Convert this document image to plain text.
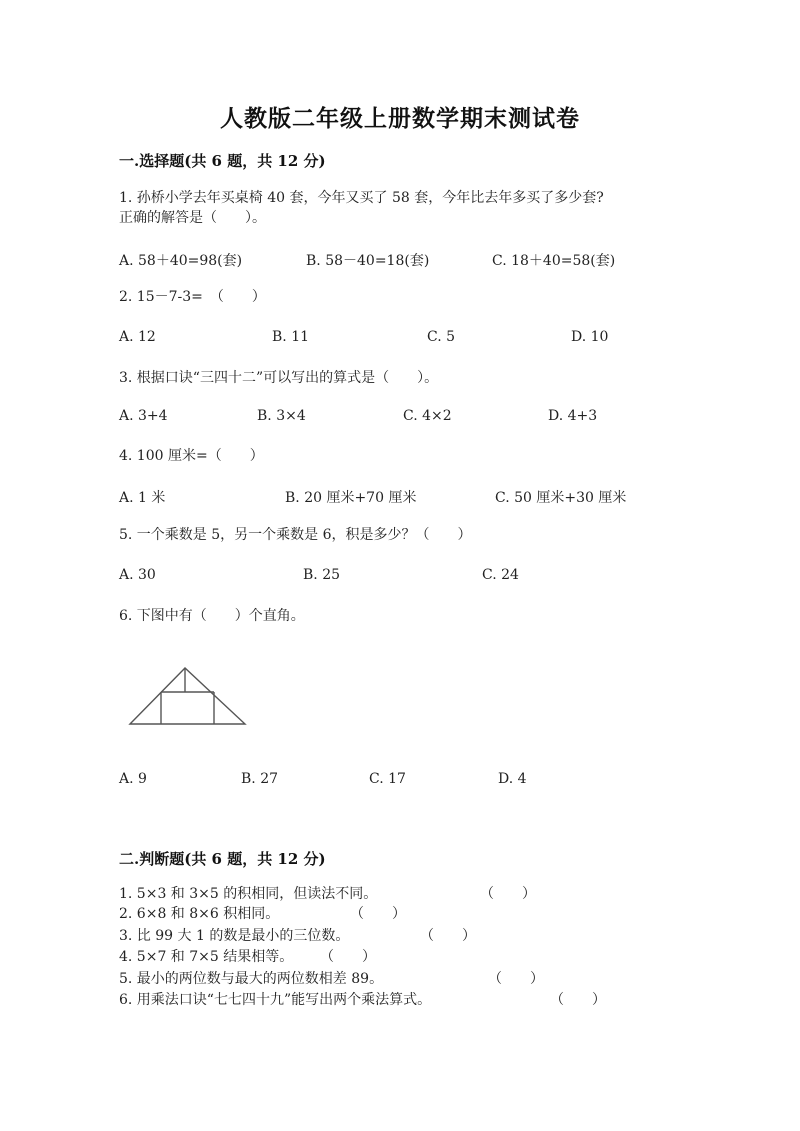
人教版二年级上册数学期末测试卷
一.选择题(共 6 题，共 12 分)
1. 孙桥小学去年买桌椅 40 套，今年又买了 58 套，今年比去年多买了多少套?
正确的解答是（　　）。
A. 58＋40=98(套)	B. 58－40=18(套)	C. 18＋40=58(套)
2. 15－7-3=　（　　）
A. 12	B. 11	C. 5	D. 10
3. 根据口诀“三四十二”可以写出的算式是（　　）。
A. 3+4	B. 3×4	C. 4×2	D. 4+3
4. 100 厘米=（　　）
A. 1 米	B. 20 厘米+70 厘米	C. 50 厘米+30 厘米
5. 一个乘数是 5，另一个乘数是 6，积是多少？（　　）
A. 30	B. 25	C. 24
6. 下图中有（　　）个直角。
A. 9	B. 27	C. 17	D. 4
二.判断题(共 6 题，共 12 分)
1. 5×3 和 3×5 的积相同，但读法不同。	（　　）
2. 6×8 和 8×6 积相同。	（　　）
3. 比 99 大 1 的数是最小的三位数。	（　　）
4. 5×7 和 7×5 结果相等。 （　　）
5. 最小的两位数与最大的两位数相差 89。	（　　）
6. 用乘法口诀“七七四十九”能写出两个乘法算式。	（　　）
